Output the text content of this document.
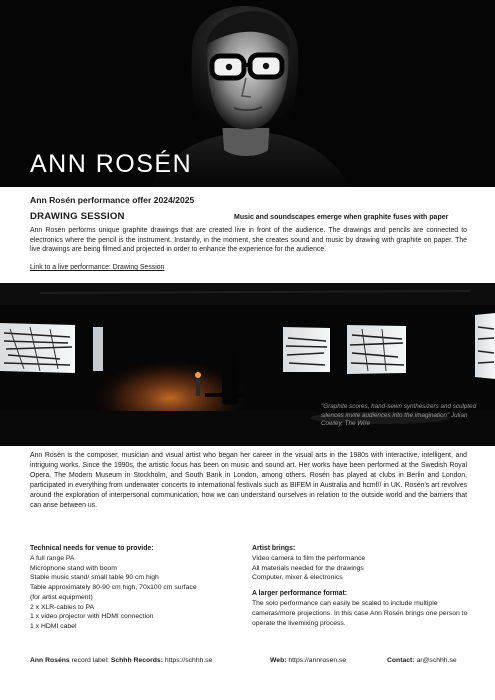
ANN ROSÉN
Ann Rosén performance offer 2024/2025
DRAWING SESSION	Music and soundscapes emerge when graphite fuses with paper

Ann Rosén performs unique graphite drawings that are created live in front of the audience. The drawings and pencils are connected to electronics where the pencil is the instrument. Instantly, in the moment, she creates sound and music by drawing with graphite on paper. The live drawings are being filmed and projected in order to enhance the experience for the audience.

Link to a live performance: Drawing Session
"Graphite scores, hand-sewn synthesizers and sculpted silences invite audiences into the imagination" Julian Cowley, The Wire

Ann Rosén is the composer, musician and visual artist who began her career in the visual arts in the 1980s with interactive, intelligent, and intriguing works. Since the 1990s, the artistic focus has been on music and sound art. Her works have been performed at the Swedish Royal Opera, The Modern Museum in Stockholm, and South Bank in London, among others. Rosén has played at clubs in Berlin and London, participated in everything from underwater concerts to international festivals such as BIFEM in Australia and hcmf// in UK. Rosén's art revolves around the exploration of interpersonal communication, how we can understand ourselves in relation to the outside world and the barriers that can arise between us.

Technical needs for venue to provide:
A full range PA
Microphone stand with boom
Stable music stand/ small table 90 cm high
Table approximately 80-90 cm high, 70x100 cm surface
(for artist equipment)
2 x XLR-cables to PA
1 x video projector with HDMI connection
1 x HDMI cabel
Artist brings:
Video camera to film the performance
All materials needed for the drawings
Computer, mixer & electronics
A larger performance format:

The solo performance can easily be scaled to include multiple cameras/more projections. In this case Ann Rosén brings one person to operate the livemixing process.

Ann Roséns record label: Schhh Records: https://schhh.se	Web: https://annrosen.se	Contact: ar@schhh.se
